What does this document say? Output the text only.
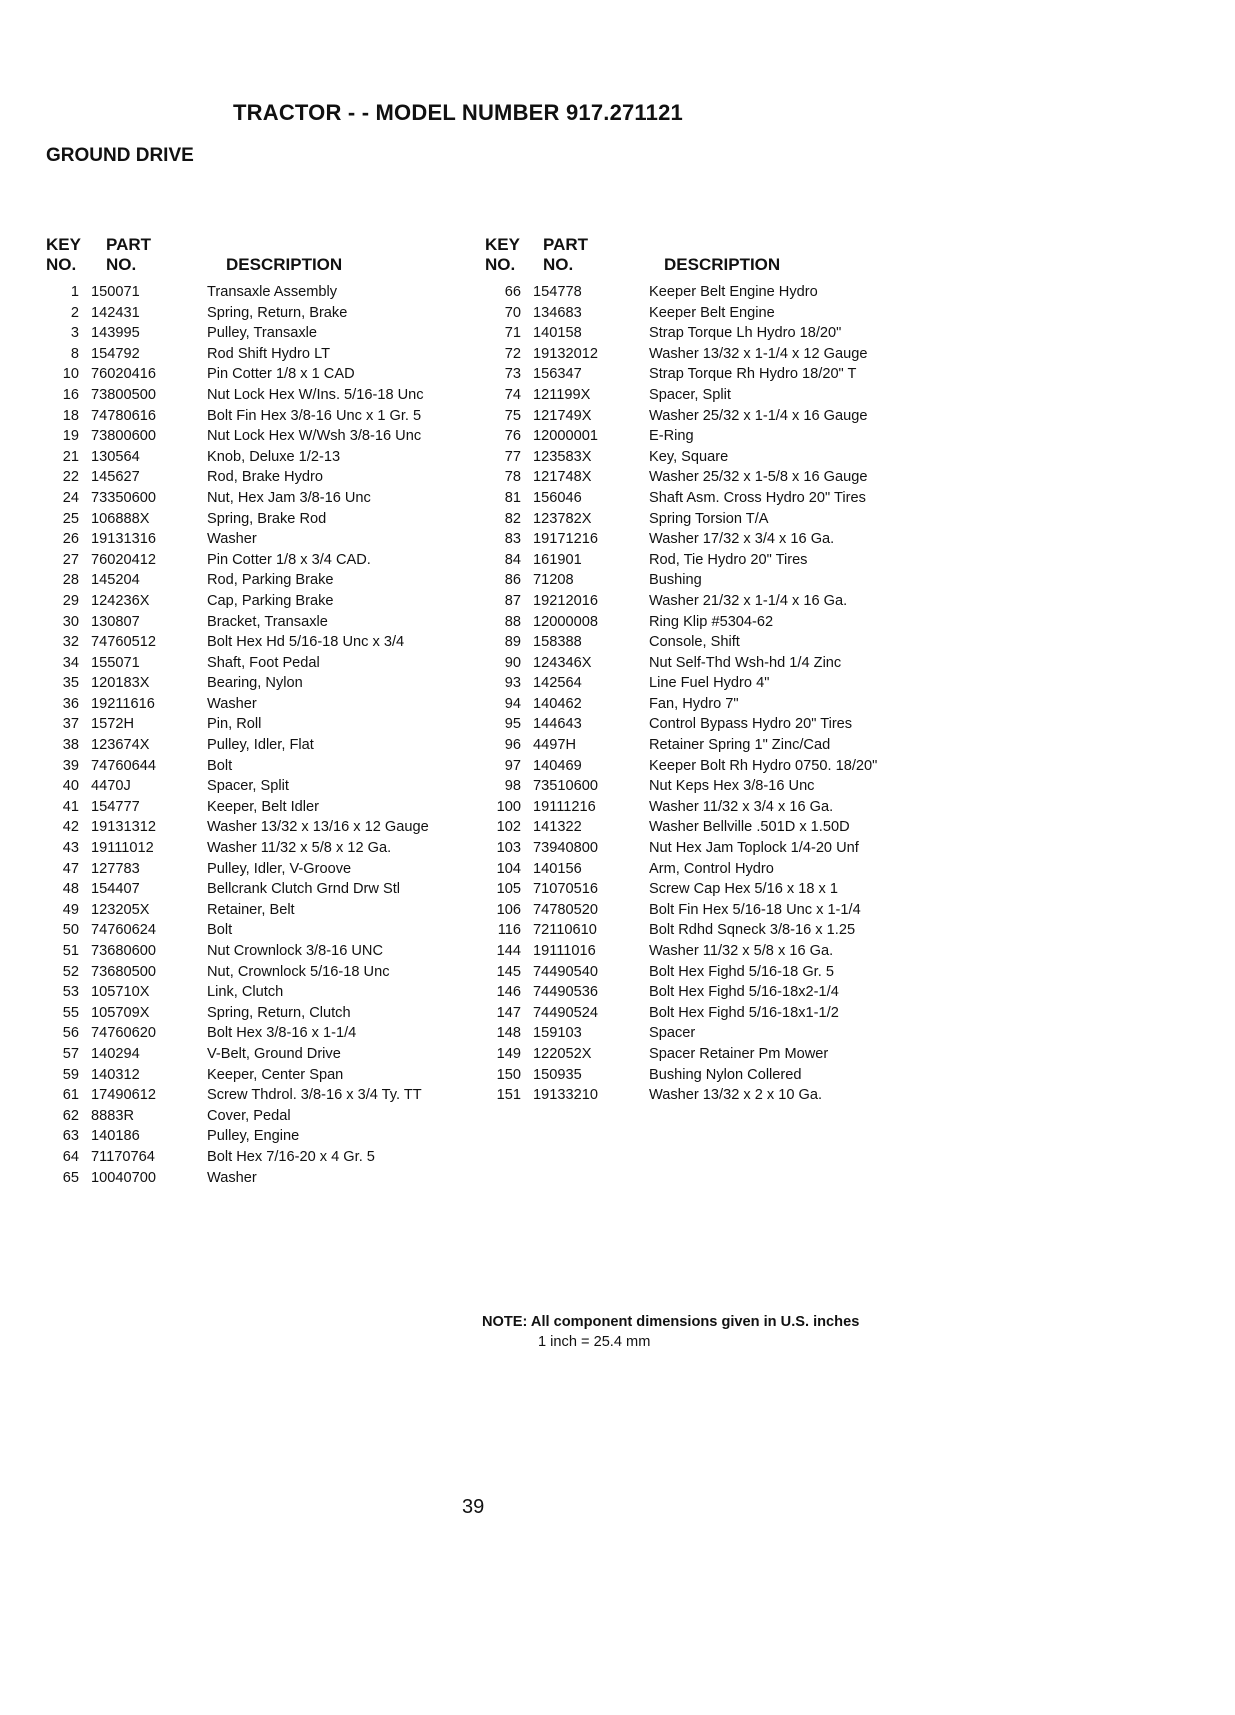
TRACTOR - - MODEL NUMBER 917.271121
GROUND DRIVE
KEY
NO.
PART
NO.	DESCRIPTION
1 150071	Transaxle Assembly
2 142431	Spring, Return, Brake
3 143995	Pulley, Transaxle
8 154792	Rod Shift Hydro LT
10 76020416	Pin Cotter 1/8 x 1 CAD
16 73800500	Nut Lock Hex W/Ins. 5/16-18 Unc
18 74780616	Bolt Fin Hex 3/8-16 Unc x 1 Gr. 5
19 73800600	Nut Lock Hex W/Wsh 3/8-16 Unc
21 130564	Knob, Deluxe 1/2-13
22 145627	Rod, Brake Hydro
24 73350600	Nut, Hex Jam 3/8-16 Unc
25 106888X	Spring, Brake Rod
26 19131316	Washer
27 76020412	Pin Cotter 1/8 x 3/4 CAD.
28 145204	Rod, Parking Brake
29 124236X	Cap, Parking Brake
30 130807	Bracket, Transaxle
32 74760512	Bolt Hex Hd 5/16-18 Unc x 3/4
34 155071	Shaft, Foot Pedal
35 120183X	Bearing, Nylon
36 19211616	Washer
37 1572H	Pin, Roll
38 123674X	Pulley, Idler, Flat
39 74760644	Bolt
40 4470J	Spacer, Split
41 154777	Keeper, Belt Idler
42 19131312	Washer 13/32 x 13/16 x 12 Gauge
43 19111012	Washer 11/32 x 5/8 x 12 Ga.
47 127783	Pulley, Idler, V-Groove
48 154407	Bellcrank Clutch Grnd Drw Stl
49 123205X	Retainer, Belt
50 74760624	Bolt
51 73680600	Nut Crownlock 3/8-16 UNC
52 73680500	Nut, Crownlock 5/16-18 Unc
53 105710X	Link, Clutch
55 105709X	Spring, Return, Clutch
56 74760620	Bolt Hex 3/8-16 x 1-1/4
57 140294	V-Belt, Ground Drive
59 140312	Keeper, Center Span
61 17490612	Screw Thdrol. 3/8-16 x 3/4 Ty. TT
62 8883R	Cover, Pedal
63 140186	Pulley, Engine
64 71170764	Bolt Hex 7/16-20 x 4 Gr. 5
65 10040700	Washer
KEY
NO.
PART
NO.	DESCRIPTION
66 154778	Keeper Belt Engine Hydro
70 134683	Keeper Belt Engine
71 140158	Strap Torque Lh Hydro 18/20"
72 19132012	Washer 13/32 x 1-1/4 x 12 Gauge
73 156347	Strap Torque Rh Hydro 18/20" T
74 121199X	Spacer, Split
75 121749X	Washer 25/32 x 1-1/4 x 16 Gauge
76 12000001	E-Ring
77 123583X	Key, Square
78 121748X	Washer 25/32 x 1-5/8 x 16 Gauge
81 156046	Shaft Asm. Cross Hydro 20" Tires
82 123782X	Spring Torsion T/A
83 19171216	Washer 17/32 x 3/4 x 16 Ga.
84 161901	Rod, Tie Hydro 20" Tires
86 71208	Bushing
87 19212016	Washer 21/32 x 1-1/4 x 16 Ga.
88 12000008	Ring Klip #5304-62
89 158388	Console, Shift
90 124346X	Nut Self-Thd Wsh-hd 1/4 Zinc
93 142564	Line Fuel Hydro 4"
94 140462	Fan, Hydro 7"
95 144643	Control Bypass Hydro 20" Tires
96 4497H	Retainer Spring 1" Zinc/Cad
97 140469	Keeper Bolt Rh Hydro 0750. 18/20"
98 73510600	Nut Keps Hex 3/8-16 Unc
100 19111216	Washer 11/32 x 3/4 x 16 Ga.
102 141322	Washer Bellville .501D x 1.50D
103 73940800	Nut Hex Jam Toplock 1/4-20 Unf
104 140156	Arm, Control Hydro
105 71070516	Screw Cap Hex 5/16 x 18 x 1
106 74780520	Bolt Fin Hex 5/16-18 Unc x 1-1/4
116 72110610	Bolt Rdhd Sqneck 3/8-16 x 1.25
144 19111016	Washer 11/32 x 5/8 x 16 Ga.
145 74490540	Bolt Hex Fighd 5/16-18 Gr. 5
146 74490536	Bolt Hex Fighd 5/16-18x2-1/4
147 74490524	Bolt Hex Fighd 5/16-18x1-1/2
148 159103	Spacer
149 122052X	Spacer Retainer Pm Mower
150 150935	Bushing Nylon Collered
151 19133210	Washer 13/32 x 2 x 10 Ga.
NOTE: All component dimensions given in U.S. inches
1 inch = 25.4 mm
39
